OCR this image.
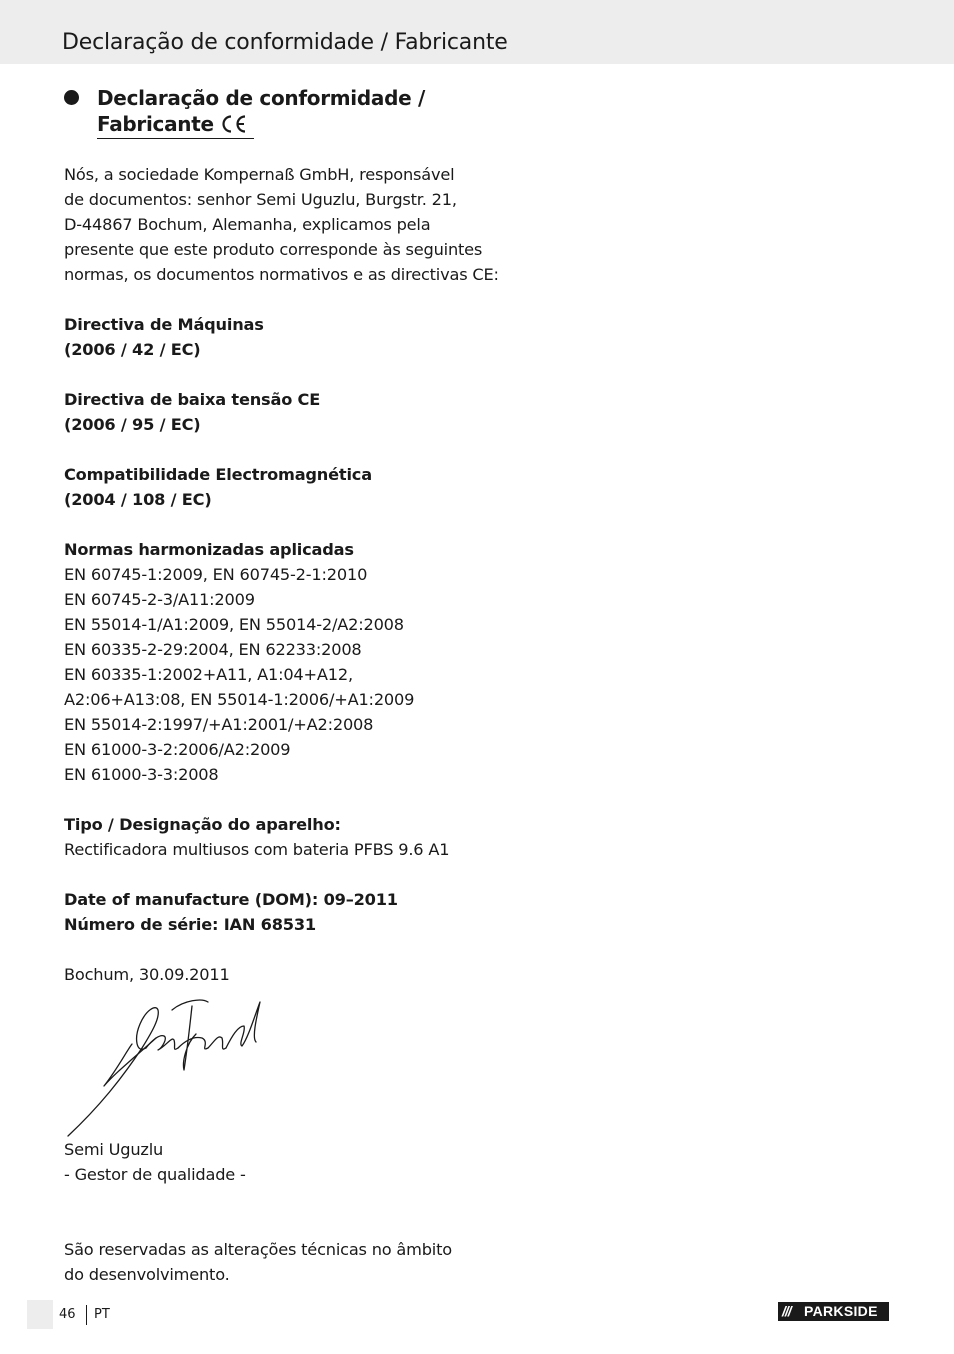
Declaração de conformidade / Fabricante
Declaração de conformidade /
Fabricante

Nós, a sociedade Kompernaß GmbH, responsável

de documentos: senhor Semi Uguzlu, Burgstr. 21,

D-44867 Bochum, Alemanha, explicamos pela

presente que este produto corresponde às seguintes

normas, os documentos normativos e as directivas CE:

Directiva de Máquinas

(2006 / 42 / EC)

Directiva de baixa tensão CE

(2006 / 95 / EC)

Compatibilidade Electromagnética

(2004 / 108 / EC)

Normas harmonizadas aplicadas

EN 60745-1:2009, EN 60745-2-1:2010

EN 60745-2-3/A11:2009

EN 55014-1/A1:2009, EN 55014-2/A2:2008

EN 60335-2-29:2004, EN 62233:2008

EN 60335-1:2002+A11, A1:04+A12,

A2:06+A13:08, EN 55014-1:2006/+A1:2009

EN 55014-2:1997/+A1:2001/+A2:2008

EN 61000-3-2:2006/A2:2009

EN 61000-3-3:2008

Tipo / Designação do aparelho:

Rectificadora multiusos com bateria PFBS 9.6 A1

Date of manufacture (DOM): 09–2011

Número de série: IAN 68531

Bochum, 30.09.2011

Semi Uguzlu

- Gestor de qualidade -

São reservadas as alterações técnicas no âmbito

do desenvolvimento.

46 PT	/// PARKSIDE
